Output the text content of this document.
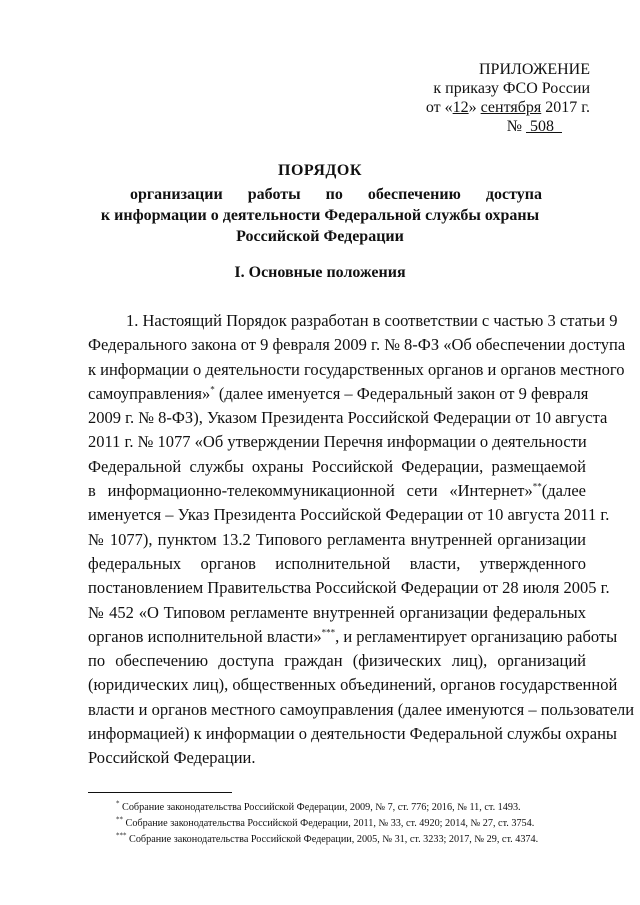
ПРИЛОЖЕНИЕ
к приказу ФСО России
от «12» сентября 2017 г.
№ 508
ПОРЯДОК
организации работы по обеспечению доступа
к информации о деятельности Федеральной службы охраны
Российской Федерации
I. Основные положения
1. Настоящий Порядок разработан в соответствии с частью 3 статьи 9
Федерального закона от 9 февраля 2009 г. № 8-ФЗ «Об обеспечении доступа
к информации о деятельности государственных органов и органов местного
самоуправления»* (далее именуется – Федеральный закон от 9 февраля
2009 г. № 8-ФЗ), Указом Президента Российской Федерации от 10 августа
2011 г. № 1077 «Об утверждении Перечня информации о деятельности
Федеральной службы охраны Российской Федерации, размещаемой
в информационно-телекоммуникационной сети «Интернет»**(далее
именуется – Указ Президента Российской Федерации от 10 августа 2011 г.
№ 1077), пунктом 13.2 Типового регламента внутренней организации
федеральных органов исполнительной власти, утвержденного
постановлением Правительства Российской Федерации от 28 июля 2005 г.
№ 452 «О Типовом регламенте внутренней организации федеральных
органов исполнительной власти»***, и регламентирует организацию работы
по обеспечению доступа граждан (физических лиц), организаций
(юридических лиц), общественных объединений, органов государственной
власти и органов местного самоуправления (далее именуются – пользователи
информацией) к информации о деятельности Федеральной службы охраны
Российской Федерации.
* Собрание законодательства Российской Федерации, 2009, № 7, ст. 776; 2016, № 11, ст. 1493.
** Собрание законодательства Российской Федерации, 2011, № 33, ст. 4920; 2014, № 27, ст. 3754.
*** Собрание законодательства Российской Федерации, 2005, № 31, ст. 3233; 2017, № 29, ст. 4374.
